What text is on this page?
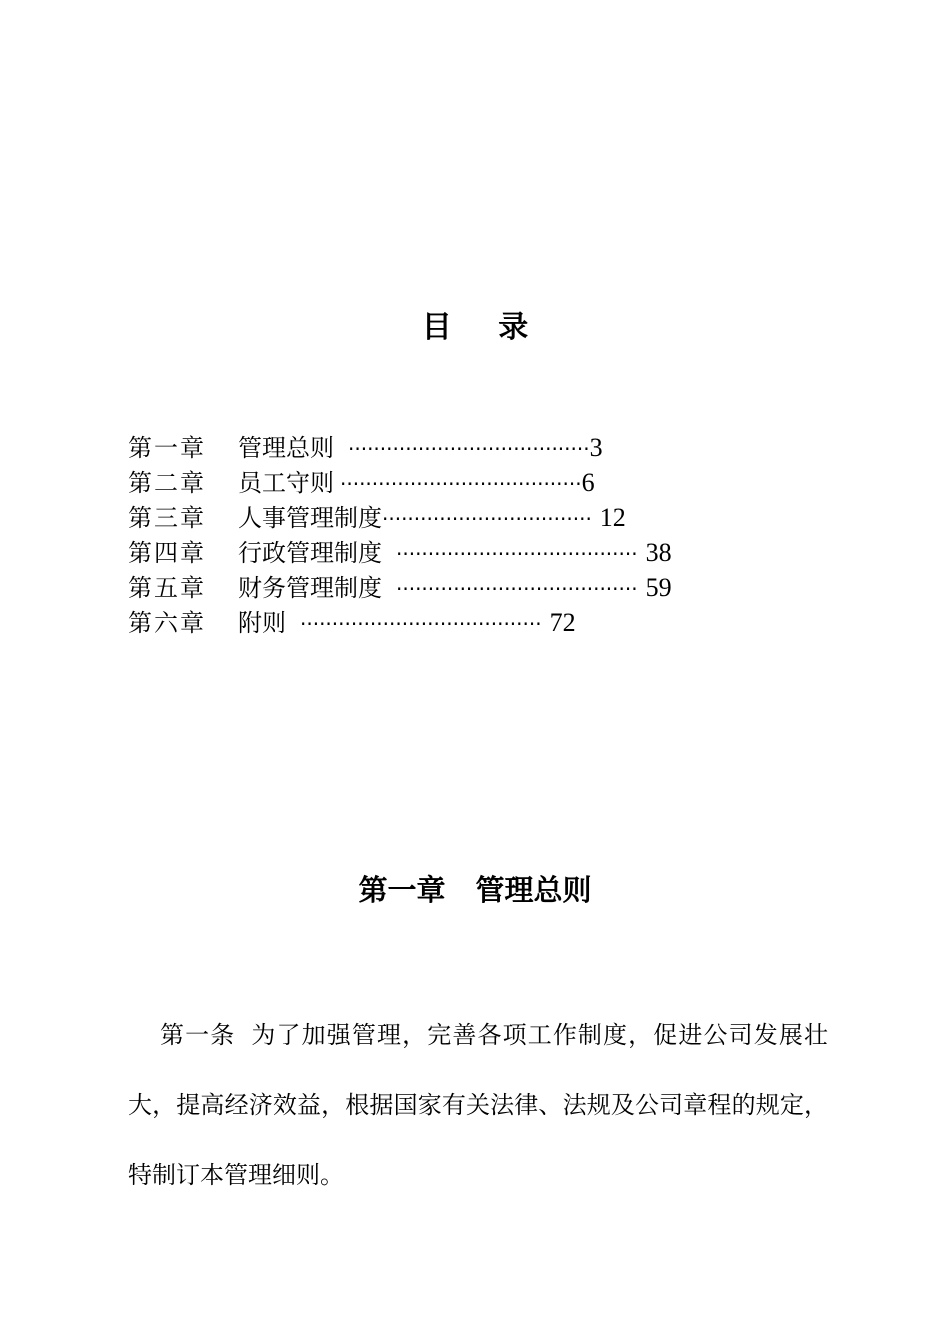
目 录
第一章 管理总则 ······································3
第二章 员工守则 ······································6
第三章 人事管理制度································· 12
第四章 行政管理制度 ······································ 38
第五章 财务管理制度 ······································ 59
第六章 附则 ······································ 72
第一章 管理总则
第一条 为了加强管理，完善各项工作制度，促进公司发展壮大，提高经济效益，根据国家有关法律、法规及公司章程的规定，特制订本管理细则。
